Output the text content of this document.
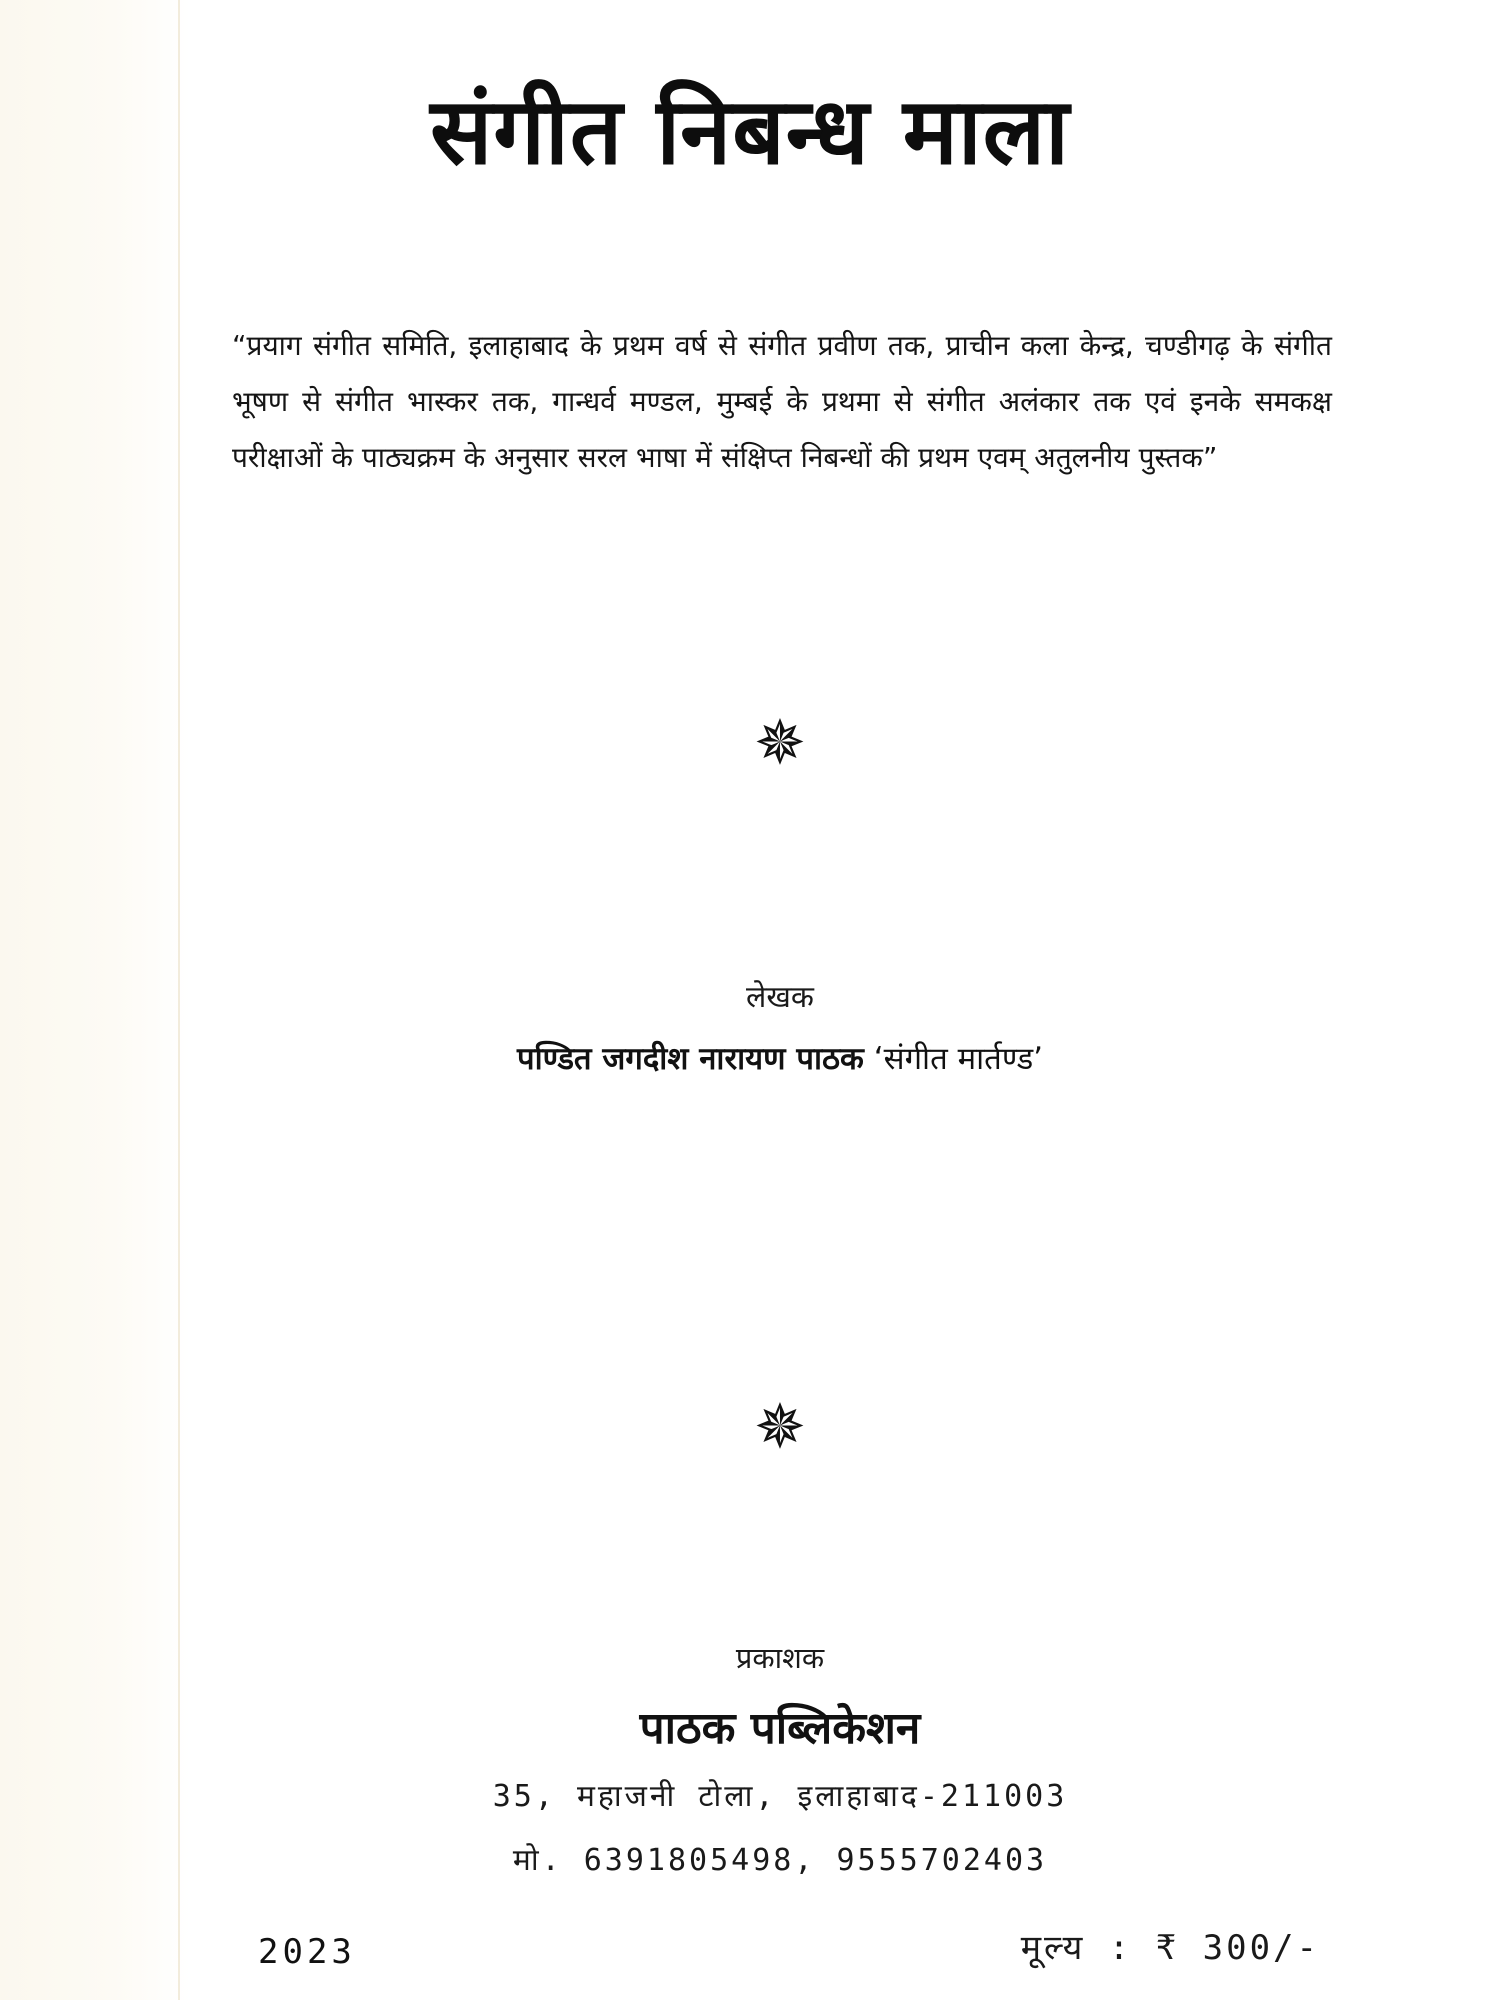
संगीत निबन्ध माला

“प्रयाग संगीत समिति, इलाहाबाद के प्रथम वर्ष से संगीत प्रवीण तक, प्राचीन कला केन्द्र, चण्डीगढ़ के संगीत भूषण से संगीत भास्कर तक, गान्धर्व मण्डल, मुम्बई के प्रथमा से संगीत अलंकार तक एवं इनके समकक्ष परीक्षाओं के पाठ्यक्रम के अनुसार सरल भाषा में संक्षिप्त निबन्धों की प्रथम एवम् अतुलनीय पुस्तक”

✵
लेखक
पण्डित जगदीश नारायण पाठक ‘संगीत मार्तण्ड’
✵
प्रकाशक
पाठक पब्लिकेशन
35, महाजनी टोला, इलाहाबाद-211003
मो. 6391805498, 9555702403
2023	मूल्य : ₹ 300/-
